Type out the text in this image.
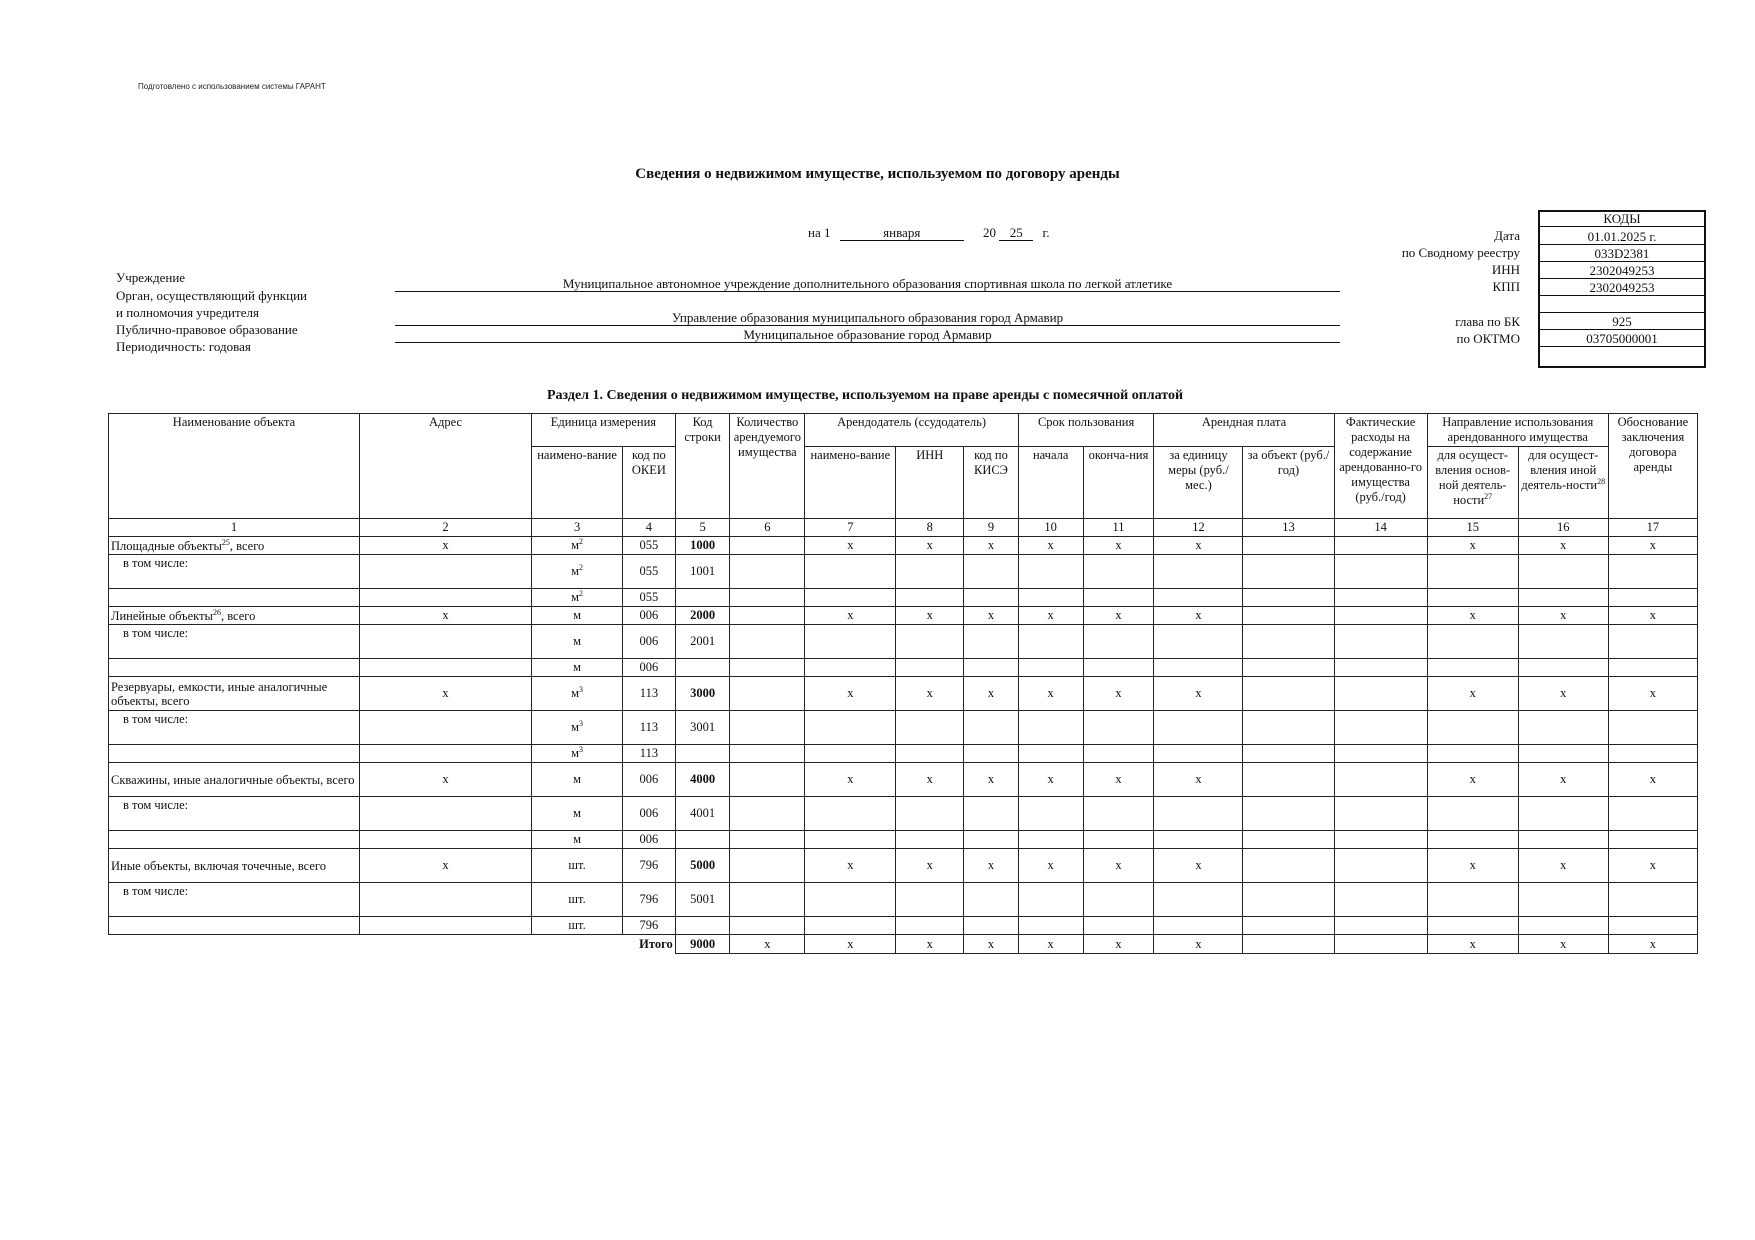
Подготовлено с использованием системы ГАРАНТ
Сведения о недвижимом имуществе, используемом по договору аренды
на 1	января	20 25 г.
КОДЫ
Дата	01.01.2025 г.
по Сводному реестру	033D2381
ИНН	2302049253
КПП	2302049253
глава по БК	925
по ОКТМО	03705000001
Учреждение	Муниципальное автономное учреждение дополнительного образования спортивная школа по легкой атлетике
Орган, осуществляющий функции
и полномочия учредителя	Управление образования муниципального образования город Армавир
Публично-правовое образование	Муниципальное образование город Армавир
Периодичность: годовая
Раздел 1. Сведения о недвижимом имуществе, используемом на праве аренды с помесячной оплатой
Наименование объекта	Адрес	Единица измерения		Код строки	Количество арендуемого имущества	Арендодатель (ссудодатель)			Срок пользования		Арендная плата		Фактические расходы на содержание арендованно-го имущества (руб./год)	Направление использования арендованного имущества		Обоснование заключения договора аренды
		наимено-вание	код по ОКЕИ			наимено-вание	ИНН	код по КИСЭ	начала	оконча-ния	за единицу меры (руб./мес.)	за объект (руб./год)		для осущест-вления основ-ной деятель-ности$^{27}$	для осущест-вления иной деятель-ности$^{28}$
1	2	3	4	5	6	7	8	9	10	11	12	13	14	15	16	17
Площадные объекты$^{25}$, всего	х	$м^2$	055	1000		х	х	х	х	х	х			х	х	х
в том числе:		$м^2$	055	1001												
		$м^2$	055													
Линейные объекты$^{26}$, всего	х	м	006	2000		х	х	х	х	х	х			х	х	х
в том числе:		м	006	2001												
		м	006													
Резервуары, емкости, иные аналогичные объекты, всего	х	$м^3$	113	3000		х	х	х	х	х	х			х	х	х
в том числе:		$м^3$	113	3001												
		$м^3$	113													
Скважины, иные аналогичные объекты, всего	х	м	006	4000		х	х	х	х	х	х			х	х	х
в том числе:		м	006	4001												
		м	006													
Иные объекты, включая точечные, всего	х	шт.	796	5000		х	х	х	х	х	х			х	х	х
в том числе:		шт.	796	5001												
		шт.	796													
Итого				9000	х	х	х	х	х	х	х			х	х	х
